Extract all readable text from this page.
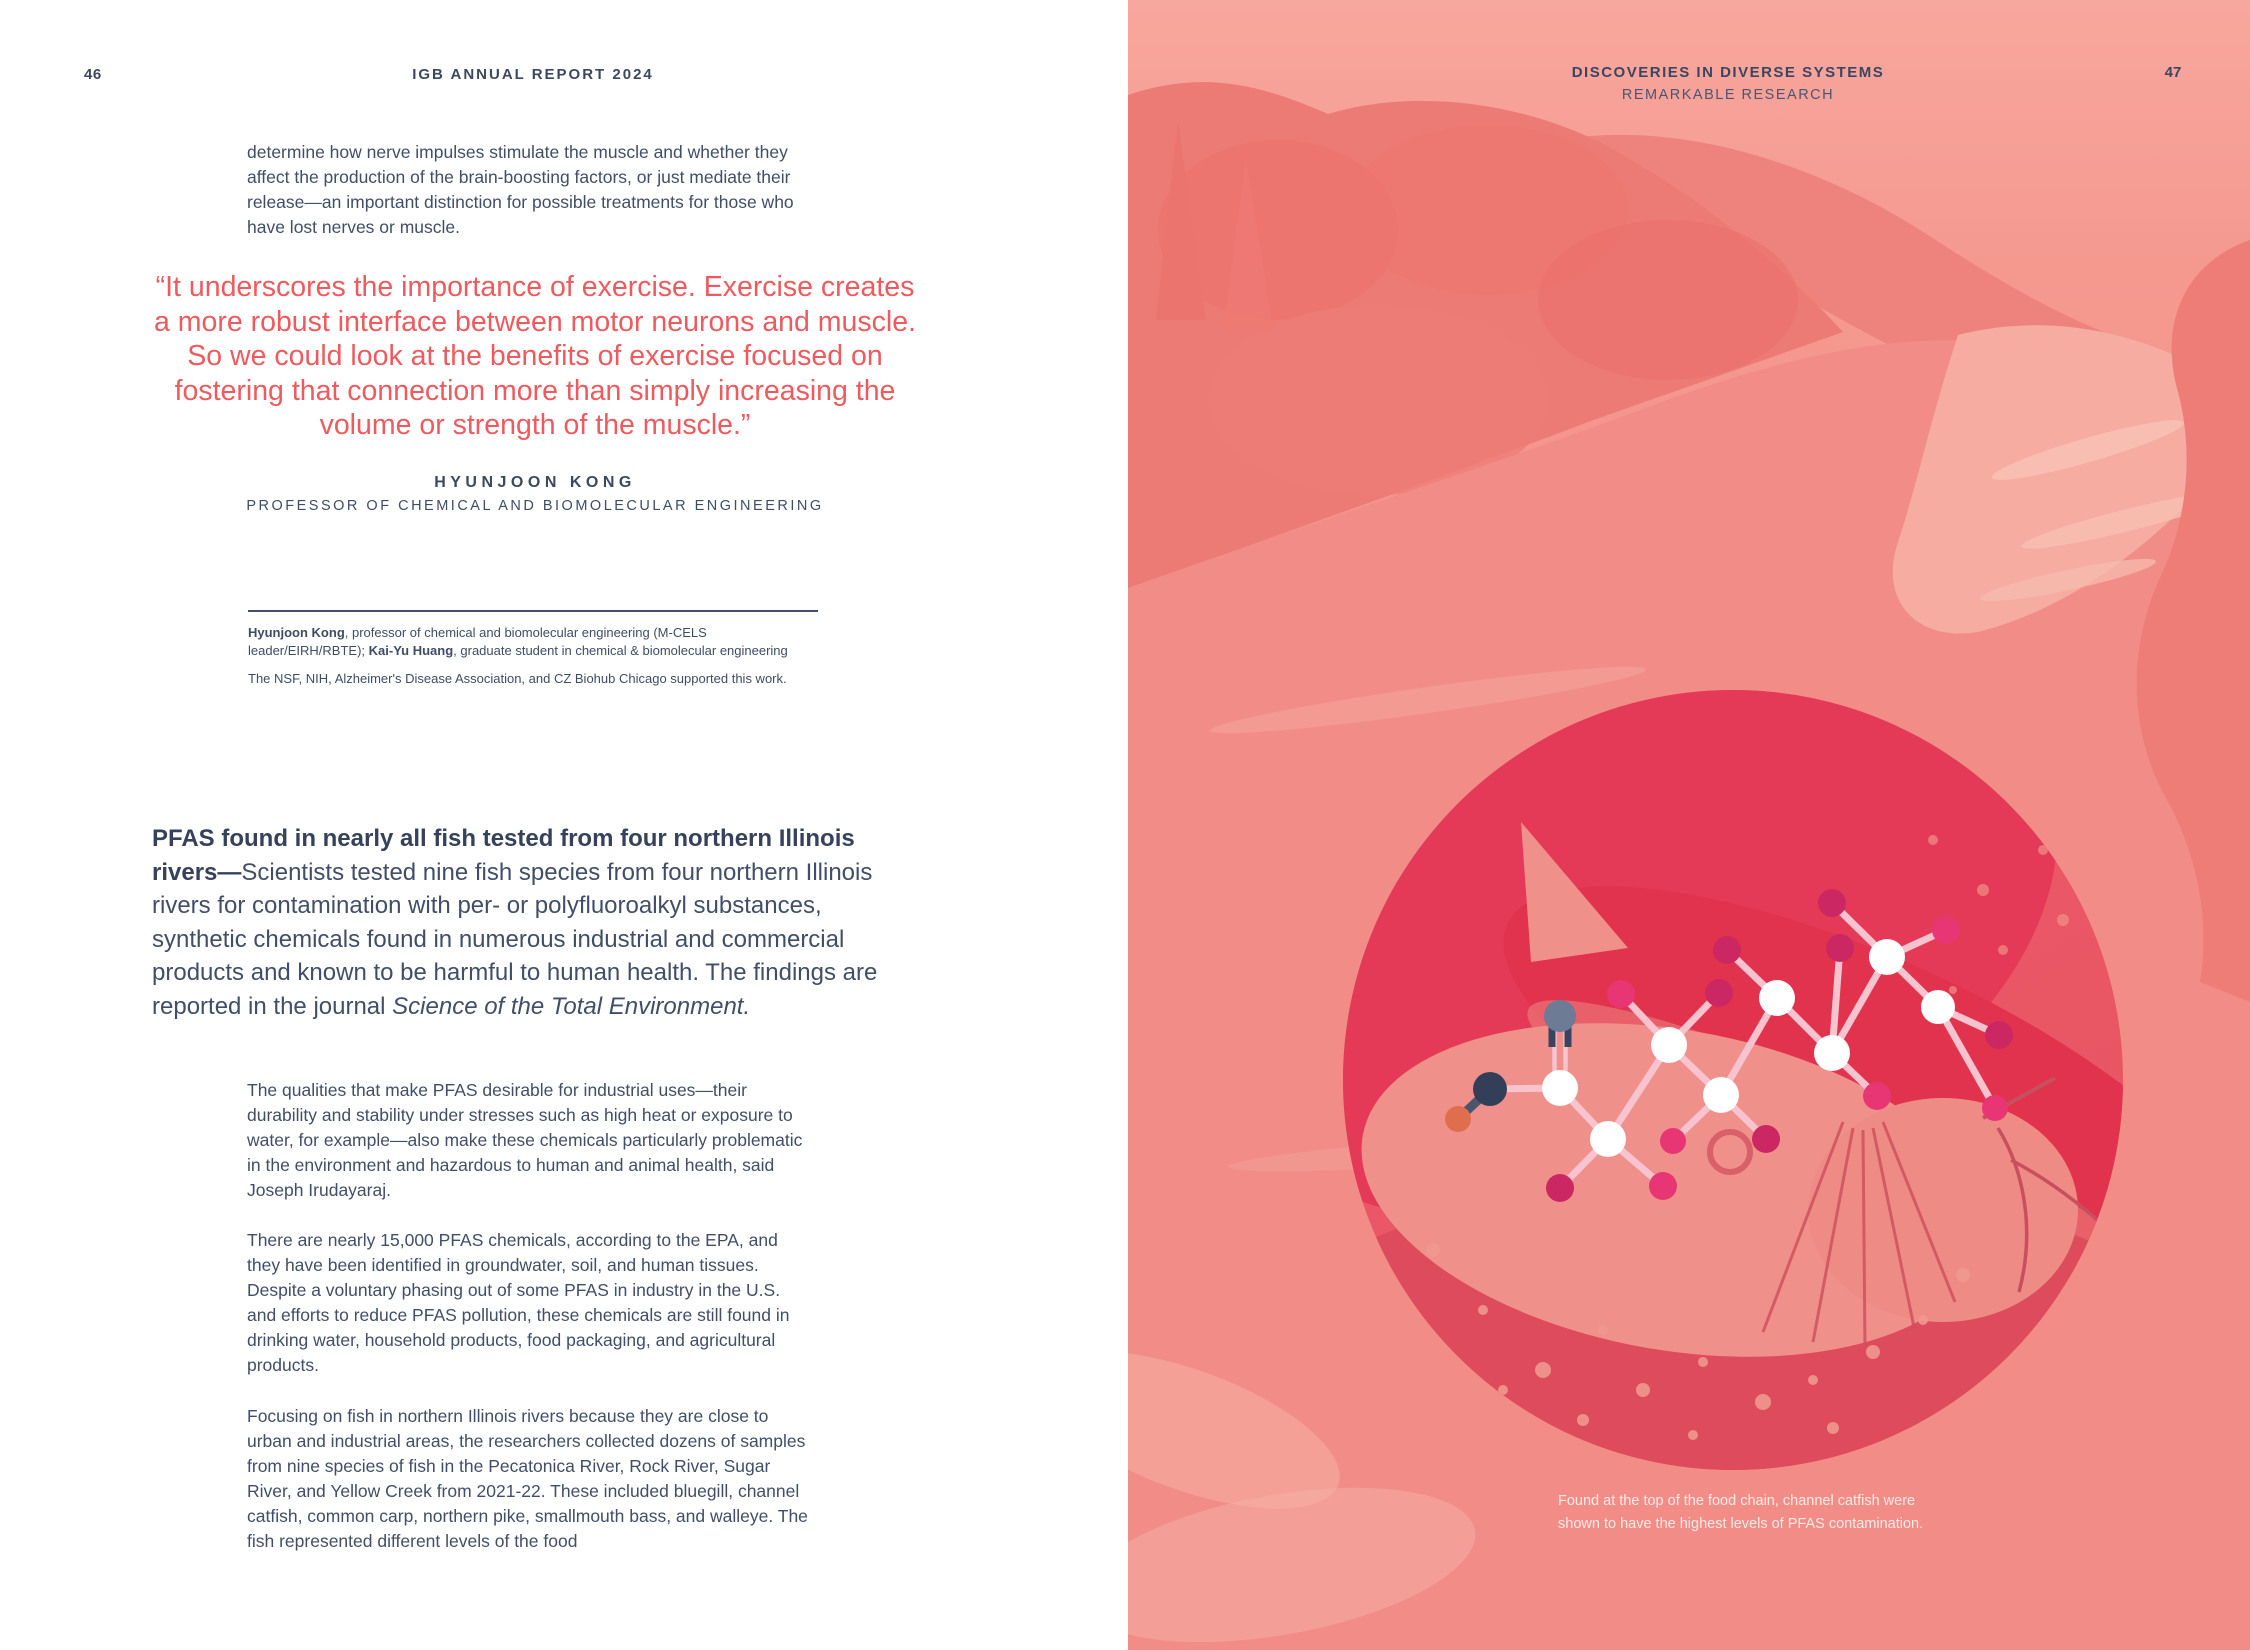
46	IGB ANNUAL REPORT 2024
determine how nerve impulses stimulate the muscle and whether they affect the production of the brain-boosting factors, or just mediate their release—an important distinction for possible treatments for those who have lost nerves or muscle.
“It underscores the importance of exercise. Exercise creates a more robust interface between motor neurons and muscle. So we could look at the benefits of exercise focused on fostering that connection more than simply increasing the volume or strength of the muscle.”
HYUNJOON KONG
PROFESSOR OF CHEMICAL AND BIOMOLECULAR ENGINEERING
Hyunjoon Kong, professor of chemical and biomolecular engineering (M-CELS leader/EIRH/RBTE); Kai-Yu Huang, graduate student in chemical & biomolecular engineering
The NSF, NIH, Alzheimer's Disease Association, and CZ Biohub Chicago supported this work.
PFAS found in nearly all fish tested from four northern Illinois rivers—Scientists tested nine fish species from four northern Illinois rivers for contamination with per- or polyfluoroalkyl substances, synthetic chemicals found in numerous industrial and commercial products and known to be harmful to human health. The findings are reported in the journal Science of the Total Environment.
The qualities that make PFAS desirable for industrial uses—their durability and stability under stresses such as high heat or exposure to water, for example—also make these chemicals particularly problematic in the environment and hazardous to human and animal health, said Joseph Irudayaraj.
There are nearly 15,000 PFAS chemicals, according to the EPA, and they have been identified in groundwater, soil, and human tissues. Despite a voluntary phasing out of some PFAS in industry in the U.S. and efforts to reduce PFAS pollution, these chemicals are still found in drinking water, household products, food packaging, and agricultural products.
Focusing on fish in northern Illinois rivers because they are close to urban and industrial areas, the researchers collected dozens of samples from nine species of fish in the Pecatonica River, Rock River, Sugar River, and Yellow Creek from 2021-22. These included bluegill, channel catfish, common carp, northern pike, smallmouth bass, and walleye. The fish represented different levels of the food
DISCOVERIES IN DIVERSE SYSTEMS
REMARKABLE RESEARCH
47
Found at the top of the food chain, channel catfish were
shown to have the highest levels of PFAS contamination.
